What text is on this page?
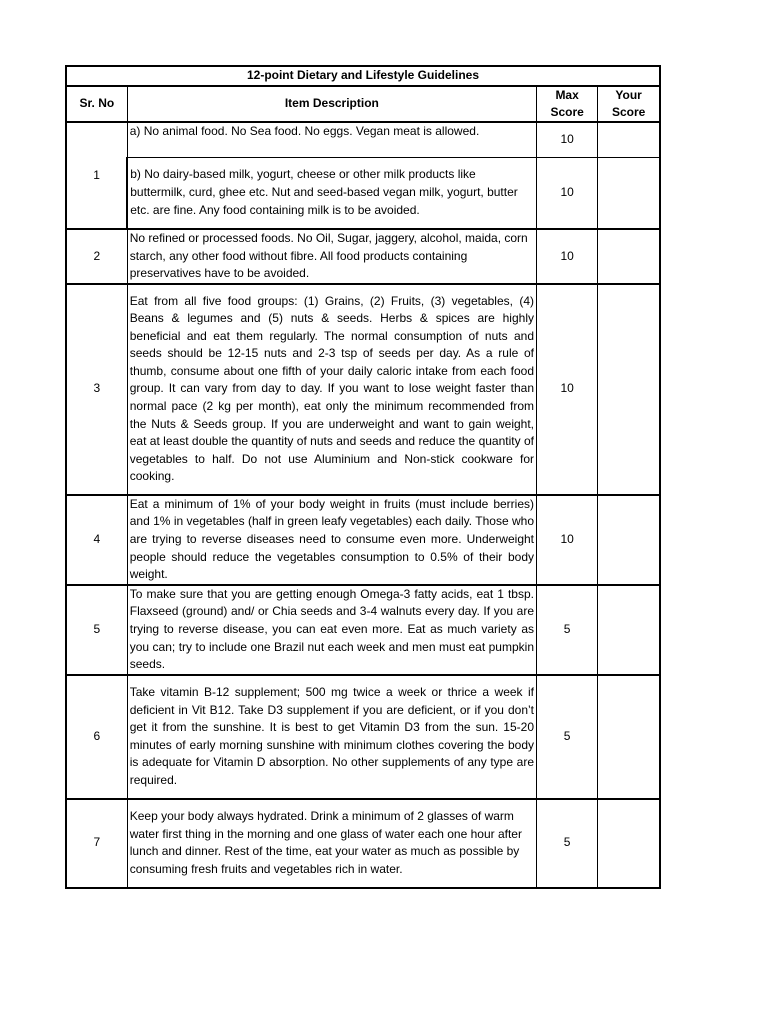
12-point Dietary and Lifestyle Guidelines			
Sr. No	Item Description	Max Score	Your Score
1	a) No animal food. No Sea food. No eggs. Vegan meat is allowed.	10	
	b) No dairy-based milk, yogurt, cheese or other milk products like buttermilk, curd, ghee etc. Nut and seed-based vegan milk, yogurt, butter etc. are fine. Any food containing milk is to be avoided.	10	
2	No refined or processed foods. No Oil, Sugar, jaggery, alcohol, maida, corn starch, any other food without fibre. All food products containing preservatives have to be avoided.	10	
3	Eat from all five food groups: (1) Grains, (2) Fruits, (3) vegetables, (4) Beans & legumes and (5) nuts & seeds. Herbs & spices are highly beneficial and eat them regularly. The normal consumption of nuts and seeds should be 12-15 nuts and 2-3 tsp of seeds per day. As a rule of thumb, consume about one fifth of your daily caloric intake from each food group. It can vary from day to day. If you want to lose weight faster than normal pace (2 kg per month), eat only the minimum recommended from the Nuts & Seeds group. If you are underweight and want to gain weight, eat at least double the quantity of nuts and seeds and reduce the quantity of vegetables to half. Do not use Aluminium and Non-stick cookware for cooking.	10	
4	Eat a minimum of 1% of your body weight in fruits (must include berries) and 1% in vegetables (half in green leafy vegetables) each daily. Those who are trying to reverse diseases need to consume even more. Underweight people should reduce the vegetables consumption to 0.5% of their body weight.	10	
5	To make sure that you are getting enough Omega-3 fatty acids, eat 1 tbsp. Flaxseed (ground) and/ or Chia seeds and 3-4 walnuts every day. If you are trying to reverse disease, you can eat even more. Eat as much variety as you can; try to include one Brazil nut each week and men must eat pumpkin seeds.	5	
6	Take vitamin B-12 supplement; 500 mg twice a week or thrice a week if deficient in Vit B12. Take D3 supplement if you are deficient, or if you don’t get it from the sunshine. It is best to get Vitamin D3 from the sun. 15-20 minutes of early morning sunshine with minimum clothes covering the body is adequate for Vitamin D absorption. No other supplements of any type are required.	5	
7	Keep your body always hydrated. Drink a minimum of 2 glasses of warm water first thing in the morning and one glass of water each one hour after lunch and dinner. Rest of the time, eat your water as much as possible by consuming fresh fruits and vegetables rich in water.	5	
